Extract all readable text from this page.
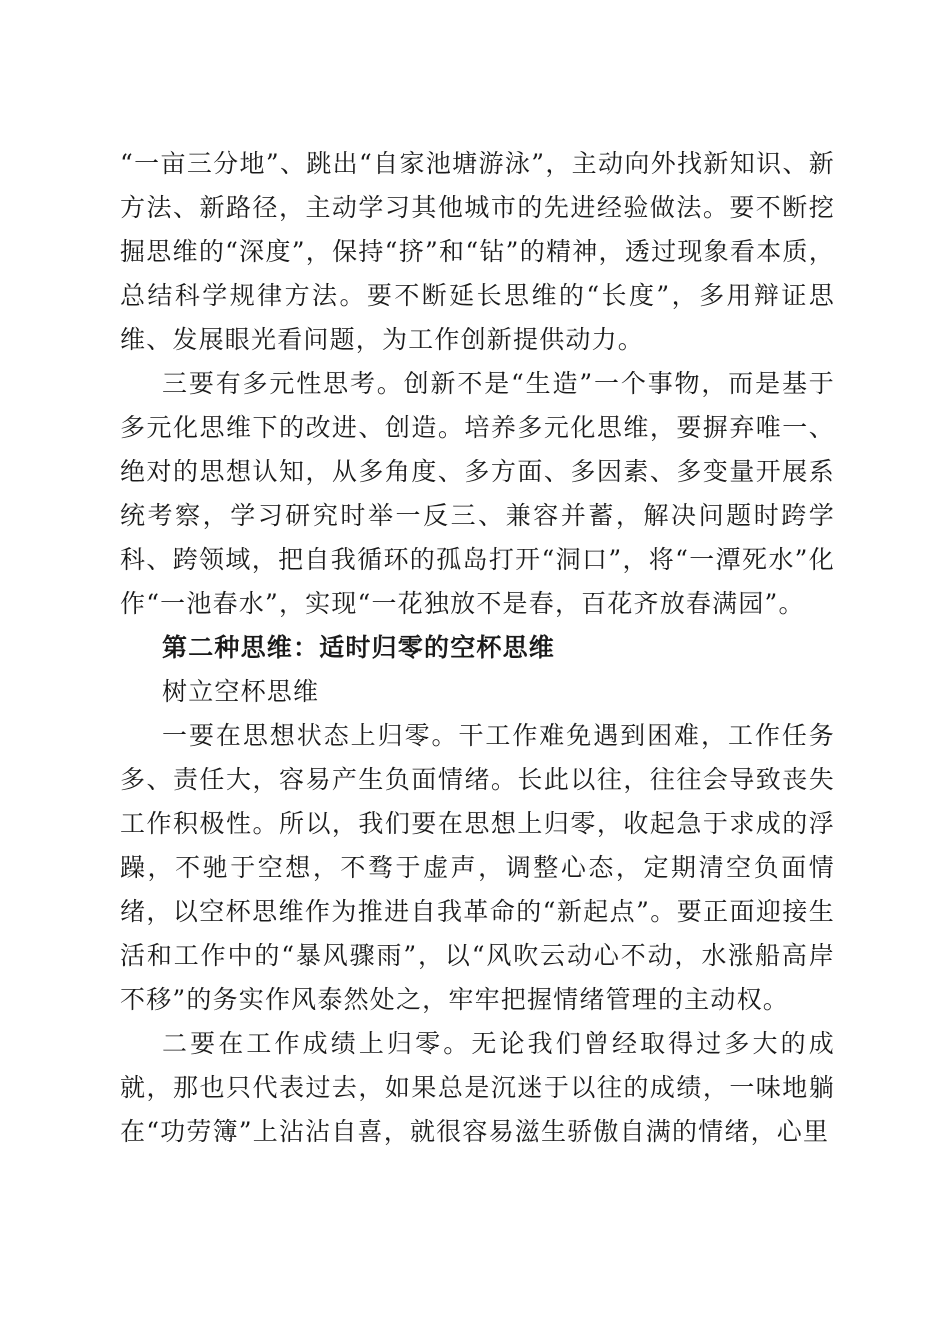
“一亩三分地”、跳出“自家池塘游泳”，主动向外找新知识、新方法、新路径，主动学习其他城市的先进经验做法。要不断挖掘思维的“深度”，保持“挤”和“钻”的精神，透过现象看本质，总结科学规律方法。要不断延长思维的“长度”，多用辩证思维、发展眼光看问题，为工作创新提供动力。

三要有多元性思考。创新不是“生造”一个事物，而是基于多元化思维下的改进、创造。培养多元化思维，要摒弃唯一、绝对的思想认知，从多角度、多方面、多因素、多变量开展系统考察，学习研究时举一反三、兼容并蓄，解决问题时跨学科、跨领域，把自我循环的孤岛打开“洞口”，将“一潭死水”化作“一池春水”，实现“一花独放不是春，百花齐放春满园”。

第二种思维：适时归零的空杯思维

树立空杯思维

一要在思想状态上归零。干工作难免遇到困难，工作任务多、责任大，容易产生负面情绪。长此以往，往往会导致丧失工作积极性。所以，我们要在思想上归零，收起急于求成的浮躁，不驰于空想，不骛于虚声，调整心态，定期清空负面情绪，以空杯思维作为推进自我革命的“新起点”。要正面迎接生活和工作中的“暴风骤雨”，以“风吹云动心不动，水涨船高岸不移”的务实作风泰然处之，牢牢把握情绪管理的主动权。

二要在工作成绩上归零。无论我们曾经取得过多大的成就，那也只代表过去，如果总是沉迷于以往的成绩，一味地躺在“功劳簿”上沾沾自喜，就很容易滋生骄傲自满的情绪，心里
